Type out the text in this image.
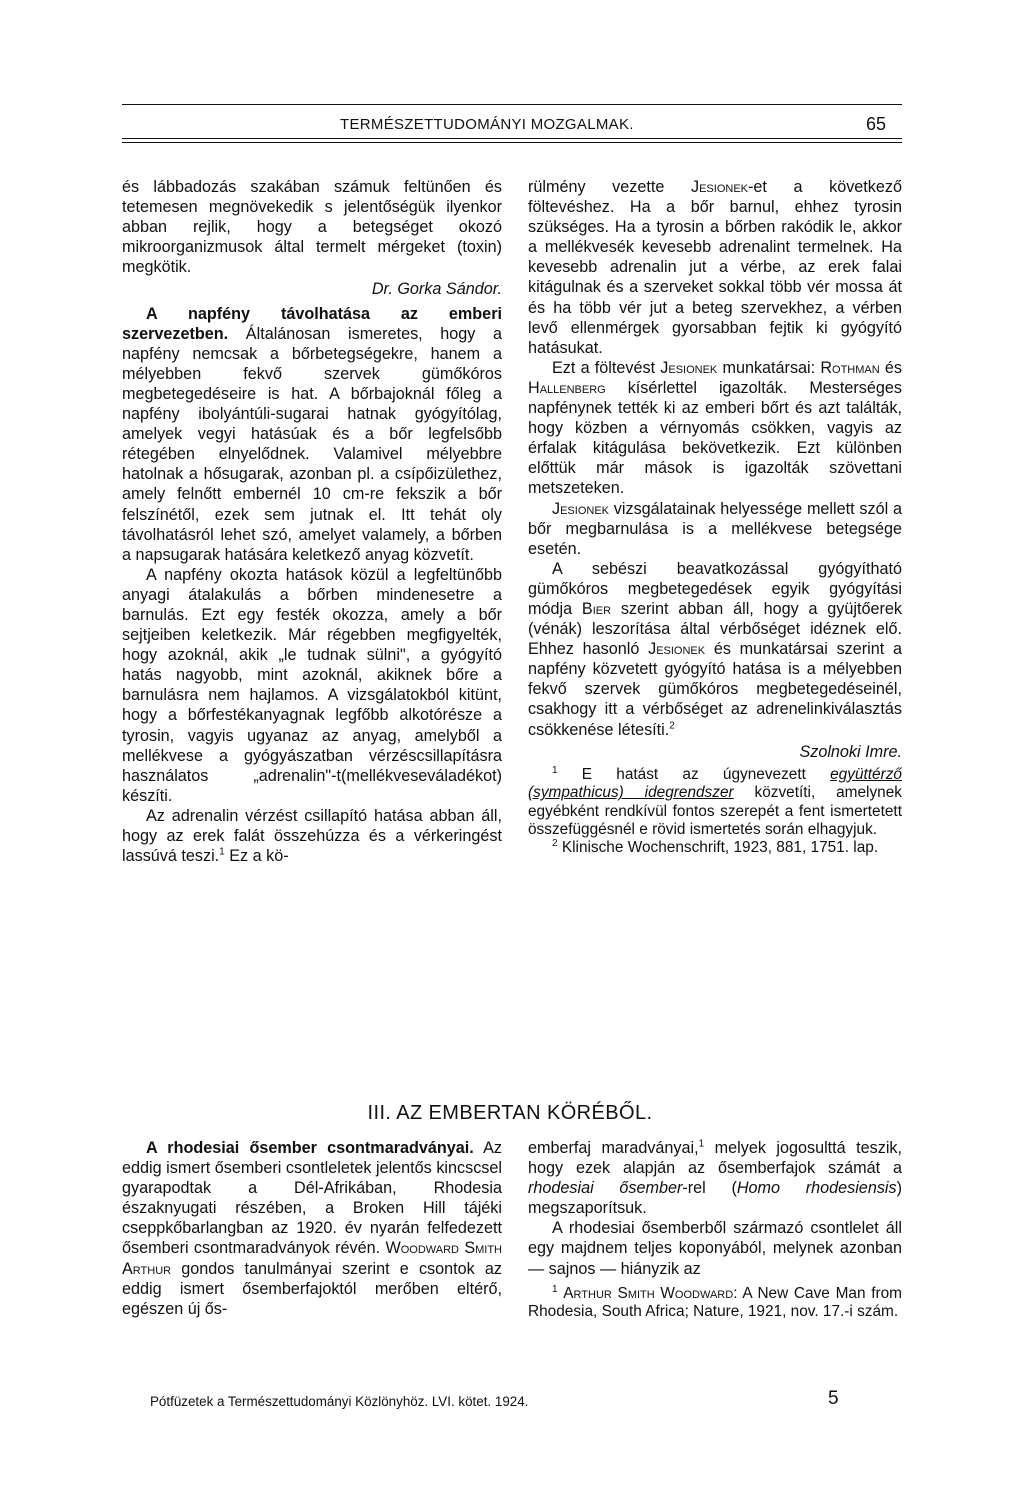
TERMÉSZETTUDOMÁNYI MOZGALMAK.	65

és lábbadozás szakában számuk feltünően és tetemesen megnövekedik s jelentőségük ilyenkor abban rejlik, hogy a betegséget okozó mikroorganizmusok által termelt mérgeket (toxin) megkötik.

Dr. Gorka Sándor.

A napfény távolhatása az emberi szervezetben. Általánosan ismeretes, hogy a napfény nemcsak a bőrbetegségekre, hanem a mélyebben fekvő szervek gümőkóros megbetegedéseire is hat. A bőrbajoknál főleg a napfény ibolyántúli-sugarai hatnak gyógyítólag, amelyek vegyi hatásúak és a bőr legfelsőbb rétegében elnyelődnek. Valamivel mélyebbre hatolnak a hősugarak, azonban pl. a csípőizülethez, amely felnőtt embernél 10 cm-re fekszik a bőr felszínétől, ezek sem jutnak el. Itt tehát oly távolhatásról lehet szó, amelyet valamely, a bőrben a napsugarak hatására keletkező anyag közvetít.

A napfény okozta hatások közül a legfeltünőbb anyagi átalakulás a bőrben mindenesetre a barnulás. Ezt egy festék okozza, amely a bőr sejtjeiben keletkezik. Már régebben megfigyelték, hogy azoknál, akik „le tudnak sülni", a gyógyító hatás nagyobb, mint azoknál, akiknek bőre a barnulásra nem hajlamos. A vizsgálatokból kitünt, hogy a bőrfestékanyagnak legfőbb alkotórésze a tyrosin, vagyis ugyanaz az anyag, amelyből a mellékvese a gyógyászatban vérzéscsillapításra használatos „adrenalin"-t(mellékveseváladékot) készíti.

Az adrenalin vérzést csillapító hatása abban áll, hogy az erek falát összehúzza és a vérkeringést lassúvá teszi.$^1$ Ez a kö-

rülmény vezette Jesionek-et a következő föltevéshez. Ha a bőr barnul, ehhez tyrosin szükséges. Ha a tyrosin a bőrben rakódik le, akkor a mellékvesék kevesebb adrenalint termelnek. Ha kevesebb adrenalin jut a vérbe, az erek falai kitágulnak és a szerveket sokkal több vér mossa át és ha több vér jut a beteg szervekhez, a vérben levő ellenmérgek gyorsabban fejtik ki gyógyító hatásukat.

Ezt a föltevést Jesionek munkatársai: Rothman és Hallenberg kísérlettel igazolták. Mesterséges napfénynek tették ki az emberi bőrt és azt találták, hogy közben a vérnyomás csökken, vagyis az érfalak kitágulása bekövetkezik. Ezt különben előttük már mások is igazolták szövettani metszeteken.

Jesionek vizsgálatainak helyessége mellett szól a bőr megbarnulása is a mellékvese betegsége esetén.

A sebészi beavatkozással gyógyítható gümőkóros megbetegedések egyik gyógyítási módja Bier szerint abban áll, hogy a gyüjtőerek (vénák) leszorítása által vérbőséget idéznek elő. Ehhez hasonló Jesionek és munkatársai szerint a napfény közvetett gyógyító hatása is a mélyebben fekvő szervek gümőkóros megbetegedéseinél, csakhogy itt a vérbőséget az adrenelinkiválasztás csökkenése létesíti.$^2$

Szolnoki Imre.

$^1$ E hatást az úgynevezett együttérző (sympathicus) idegrendszer közvetíti, amelynek egyébként rendkívül fontos szerepét a fent ismertetett összefüggésnél e rövid ismertetés során elhagyjuk.

$^2$ Klinische Wochenschrift, 1923, 881, 1751. lap.

III. AZ EMBERTAN KÖRÉBŐL.

A rhodesiai ősember csontmaradványai. Az eddig ismert ősemberi csontleletek jelentős kincscsel gyarapodtak a Dél-Afrikában, Rhodesia északnyugati részében, a Broken Hill tájéki cseppkőbarlangban az 1920. év nyarán felfedezett ősemberi csontmaradványok révén. Woodward Smith Arthur gondos tanulmányai szerint e csontok az eddig ismert ősemberfajoktól merőben eltérő, egészen új ős-

emberfaj maradványai,$^1$ melyek jogosulttá teszik, hogy ezek alapján az ősemberfajok számát a rhodesiai ősember-rel (Homo rhodesiensis) megszaporítsuk.

A rhodesiai ősemberből származó csontlelet áll egy majdnem teljes koponyából, melynek azonban — sajnos — hiányzik az

$^1$ Arthur Smith Woodward: A New Cave Man from Rhodesia, South Africa; Nature, 1921, nov. 17.-i szám.

Pótfüzetek a Természettudományi Közlönyhöz. LVI. kötet. 1924.	5
